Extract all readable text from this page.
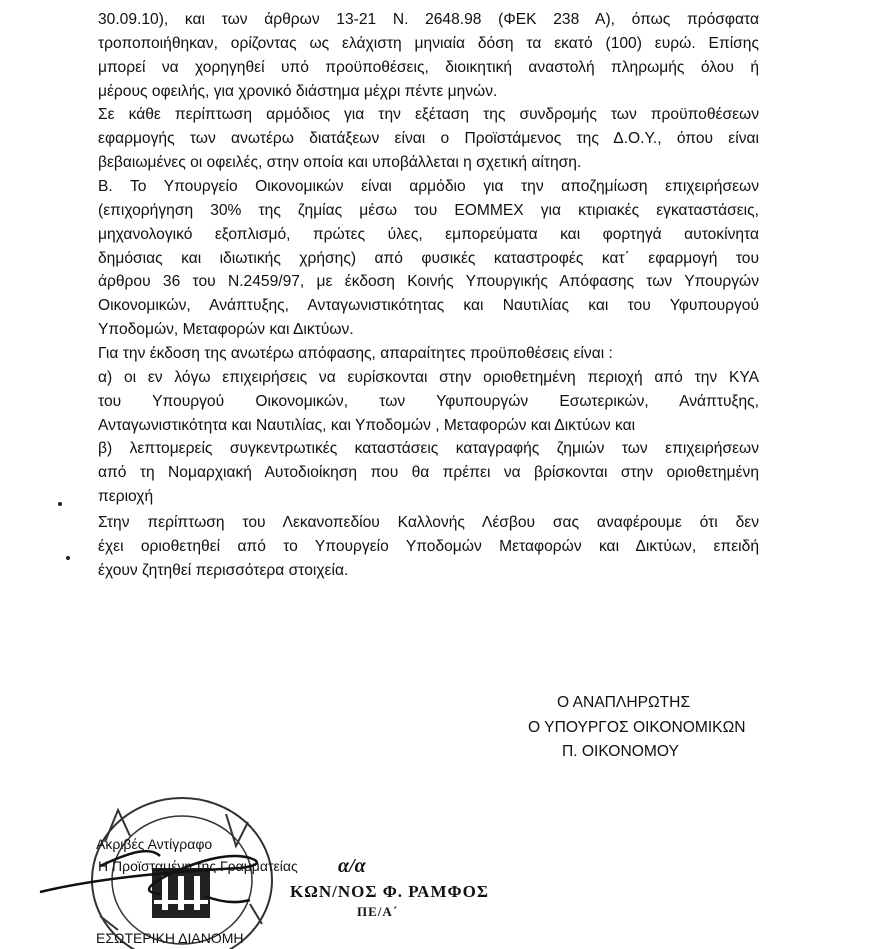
30.09.10), και των άρθρων 13-21 Ν. 2648.98 (ΦΕΚ 238 Α), όπως πρόσφατα
τροποποιήθηκαν, ορίζοντας ως ελάχιστη μηνιαία δόση τα εκατό (100) ευρώ. Επίσης
μπορεί να χορηγηθεί υπό προϋποθέσεις, διοικητική αναστολή πληρωμής όλου ή
μέρους οφειλής, για χρονικό διάστημα μέχρι πέντε μηνών.
Σε κάθε περίπτωση αρμόδιος για την εξέταση της συνδρομής των προϋποθέσεων
εφαρμογής των ανωτέρω διατάξεων είναι ο Προϊστάμενος της Δ.Ο.Υ., όπου είναι
βεβαιωμένες οι οφειλές, στην οποία και υποβάλλεται η σχετική αίτηση.
Β. Το Υπουργείο Οικονομικών είναι αρμόδιο για την αποζημίωση επιχειρήσεων
(επιχορήγηση 30% της ζημίας μέσω του ΕΟΜΜΕΧ για κτιριακές εγκαταστάσεις,
μηχανολογικό εξοπλισμό, πρώτες ύλες, εμπορεύματα και φορτηγά αυτοκίνητα
δημόσιας και ιδιωτικής χρήσης) από φυσικές καταστροφές κατ΄ εφαρμογή του
άρθρου 36 του Ν.2459/97, με έκδοση Κοινής Υπουργικής Απόφασης των Υπουργών
Οικονομικών, Ανάπτυξης, Ανταγωνιστικότητας και Ναυτιλίας και του Υφυπουργού
Υποδομών, Μεταφορών και Δικτύων.
Για την έκδοση της ανωτέρω απόφασης, απαραίτητες προϋποθέσεις είναι :
α) οι εν λόγω επιχειρήσεις να ευρίσκονται στην οριοθετημένη περιοχή από την ΚΥΑ
του Υπουργού Οικονομικών, των Υφυπουργών Εσωτερικών, Ανάπτυξης,
Ανταγωνιστικότητα και Ναυτιλίας, και Υποδομών , Μεταφορών και Δικτύων και
β) λεπτομερείς συγκεντρωτικές καταστάσεις καταγραφής ζημιών των επιχειρήσεων
από τη Νομαρχιακή Αυτοδιοίκηση που θα πρέπει να βρίσκονται στην οριοθετημένη
περιοχή
Στην περίπτωση του Λεκανοπεδίου Καλλονής Λέσβου σας αναφέρουμε ότι δεν
έχει οριοθετηθεί από το Υπουργείο Υποδομών Μεταφορών και Δικτύων, επειδή
έχουν ζητηθεί περισσότερα στοιχεία.
Ο ΑΝΑΠΛΗΡΩΤΗΣ
Ο ΥΠΟΥΡΓΟΣ ΟΙΚΟΝΟΜΙΚΩΝ
Π. ΟΙΚΟΝΟΜΟΥ
Ακριβές Αντίγραφο
Η Προϊσταμένη της Γραμματείας α/α
ΚΩΝ/ΝΟΣ Φ. ΡΑΜΦΟΣ
ΠΕ/Α΄
ΕΣΩΤΕΡΙΚΗ ΔΙΑΝΟΜΗ
